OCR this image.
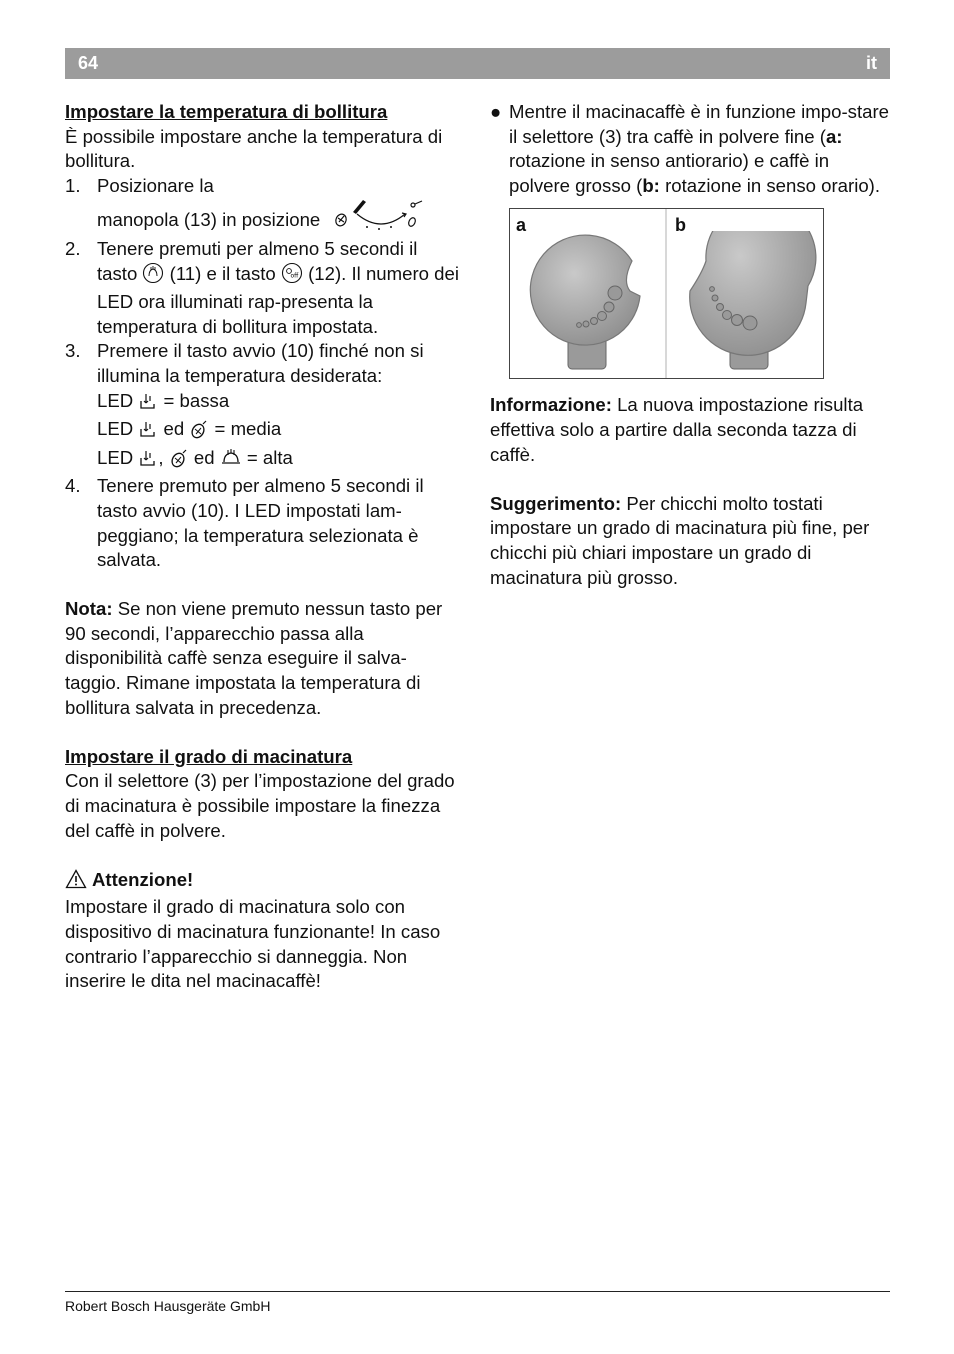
64	it

Impostare la temperatura di bollitura

È possibile impostare anche la temperatura di bollitura.

1. Posizionare la
manopola (13) in posizione
2. Tenere premuti per almeno 5 secondi il tasto (11) e il tasto off (12). Il numero dei LED ora illuminati rap-presenta la temperatura di bollitura impostata.
3. Premere il tasto avvio (10) finché non si illumina la temperatura desiderata:
LED = bassa
LED ed = media
LED , ed = alta
4. Tenere premuto per almeno 5 secondi il tasto avvio (10). I LED impostati lam-peggiano; la temperatura selezionata è salvata.

Nota: Se non viene premuto nessun tasto per 90 secondi, l’apparecchio passa alla disponibilità caffè senza eseguire il salva-taggio. Rimane impostata la temperatura di bollitura salvata in precedenza.

Impostare il grado di macinatura

Con il selettore (3) per l’impostazione del grado di macinatura è possibile impostare la finezza del caffè in polvere.

Attenzione!

Impostare il grado di macinatura solo con dispositivo di macinatura funzionante! In caso contrario l’apparecchio si danneggia. Non inserire le dita nel macinacaffè!

● Mentre il macinacaffè è in funzione impo-stare il selettore (3) tra caffè in polvere fine (a: rotazione in senso antiorario) e caffè in polvere grosso (b: rotazione in senso orario).

a	b

Informazione: La nuova impostazione risulta effettiva solo a partire dalla seconda tazza di caffè.

Suggerimento: Per chicchi molto tostati impostare un grado di macinatura più fine, per chicchi più chiari impostare un grado di macinatura più grosso.

Robert Bosch Hausgeräte GmbH
